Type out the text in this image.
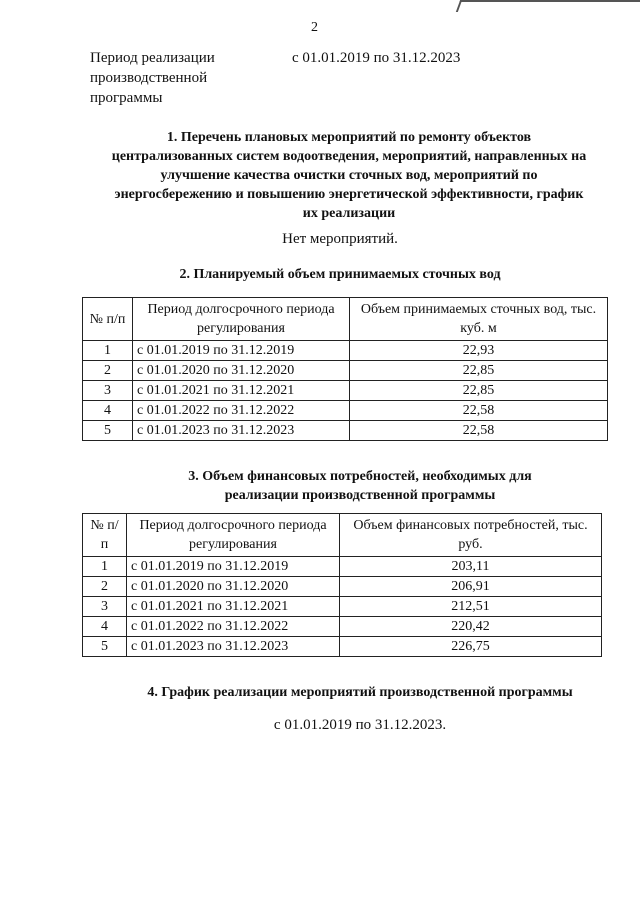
2
Период реализации производственной программы
с 01.01.2019 по 31.12.2023
1. Перечень плановых мероприятий по ремонту объектов централизованных систем водоотведения, мероприятий, направленных на улучшение качества очистки сточных вод, мероприятий по энергосбережению и повышению энергетической эффективности, график их реализации
Нет мероприятий.
2. Планируемый объем принимаемых сточных вод
№ п/п	Период долгосрочного периода регулирования	Объем принимаемых сточных вод, тыс. куб. м
1	с 01.01.2019 по 31.12.2019	22,93
2	с 01.01.2020 по 31.12.2020	22,85
3	с 01.01.2021 по 31.12.2021	22,85
4	с 01.01.2022 по 31.12.2022	22,58
5	с 01.01.2023 по 31.12.2023	22,58
3. Объем финансовых потребностей, необходимых для реализации производственной программы
№ п/п	Период долгосрочного периода регулирования	Объем финансовых потребностей, тыс. руб.
1	с 01.01.2019 по 31.12.2019	203,11
2	с 01.01.2020 по 31.12.2020	206,91
3	с 01.01.2021 по 31.12.2021	212,51
4	с 01.01.2022 по 31.12.2022	220,42
5	с 01.01.2023 по 31.12.2023	226,75
4. График реализации мероприятий производственной программы
с 01.01.2019 по 31.12.2023.
